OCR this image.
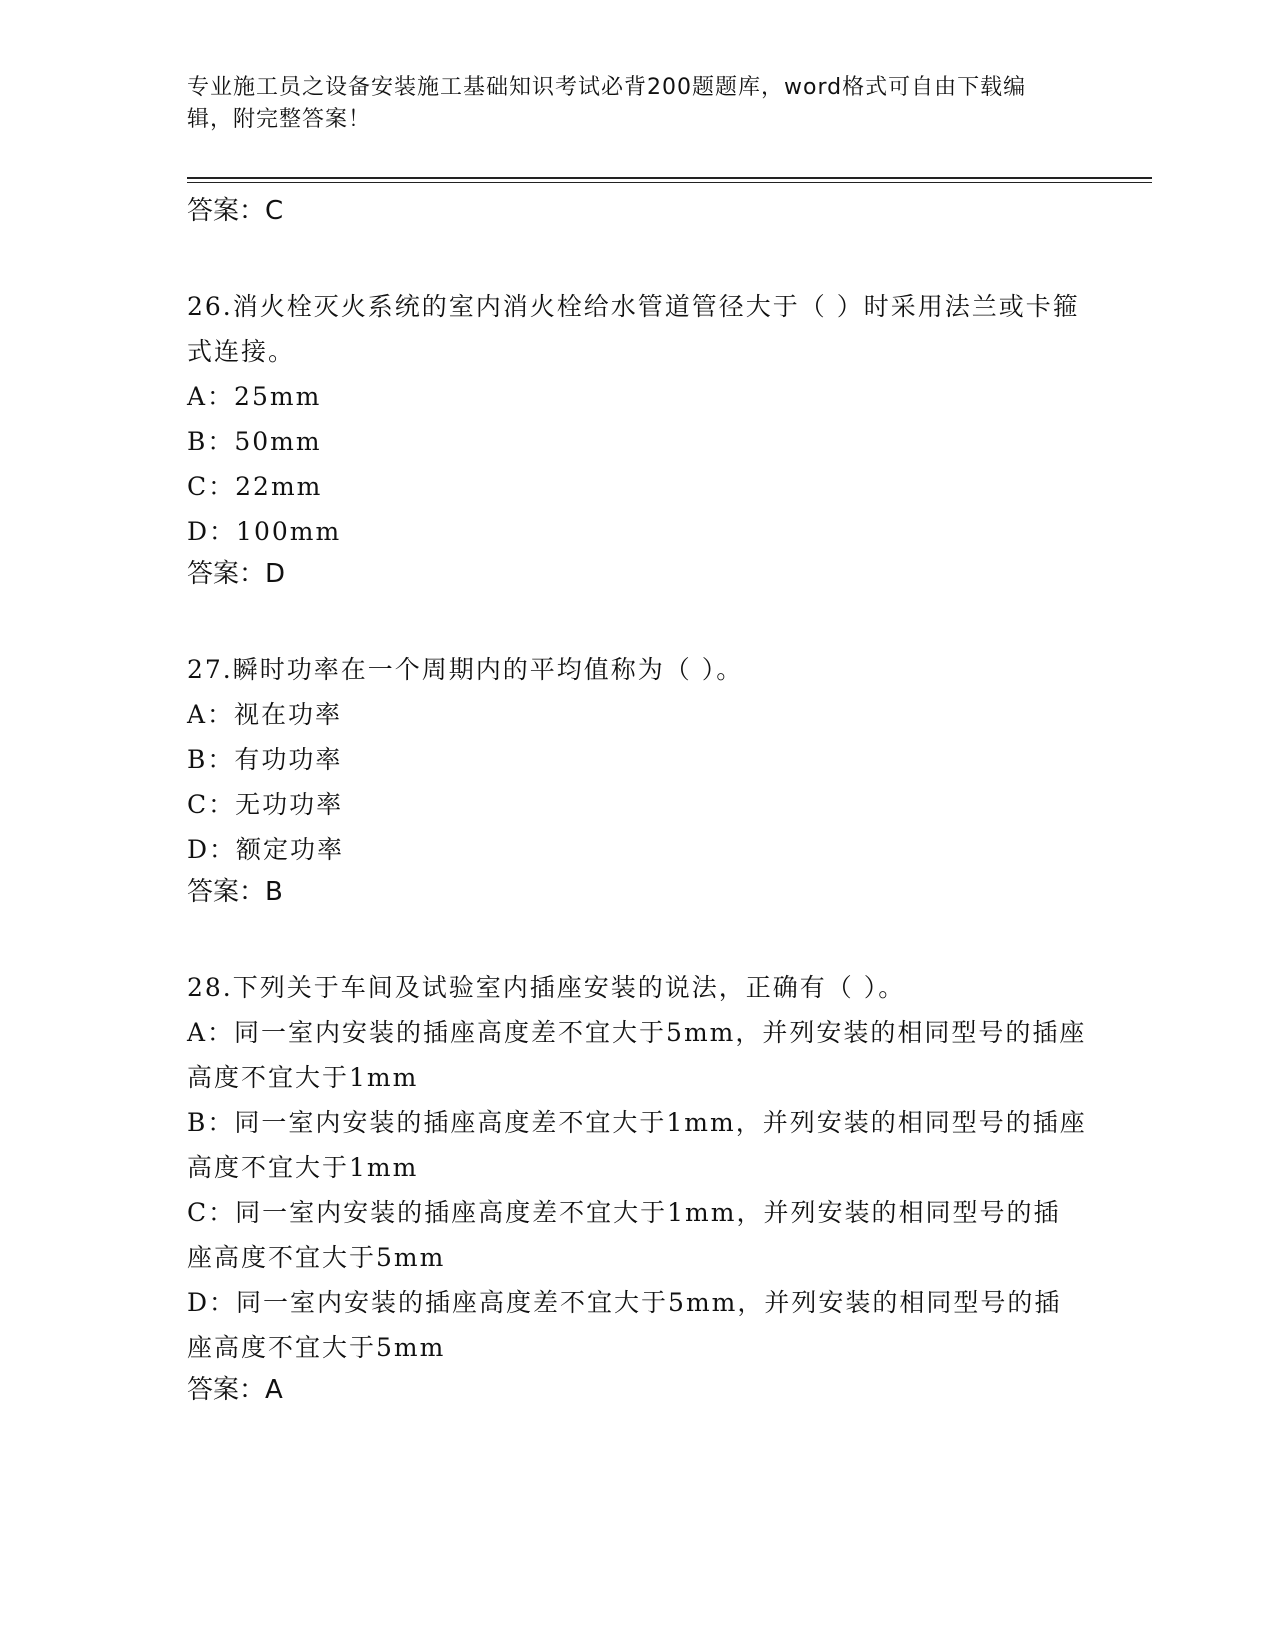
专业施工员之设备安装施工基础知识考试必背200题题库，word格式可自由下载编辑，附完整答案！

答案：C

26.消火栓灭火系统的室内消火栓给水管道管径大于（ ）时采用法兰或卡箍式连接。

A：25mm

B：50mm

C：22mm

D：100mm

答案：D

27.瞬时功率在一个周期内的平均值称为（ ）。

A：视在功率

B：有功功率

C：无功功率

D：额定功率

答案：B

28.下列关于车间及试验室内插座安装的说法，正确有（ ）。

A：同一室内安装的插座高度差不宜大于5mm，并列安装的相同型号的插座高度不宜大于1mm

B：同一室内安装的插座高度差不宜大于1mm，并列安装的相同型号的插座高度不宜大于1mm

C：同一室内安装的插座高度差不宜大于1mm，并列安装的相同型号的插座高度不宜大于5mm

D：同一室内安装的插座高度差不宜大于5mm，并列安装的相同型号的插座高度不宜大于5mm

答案：A
